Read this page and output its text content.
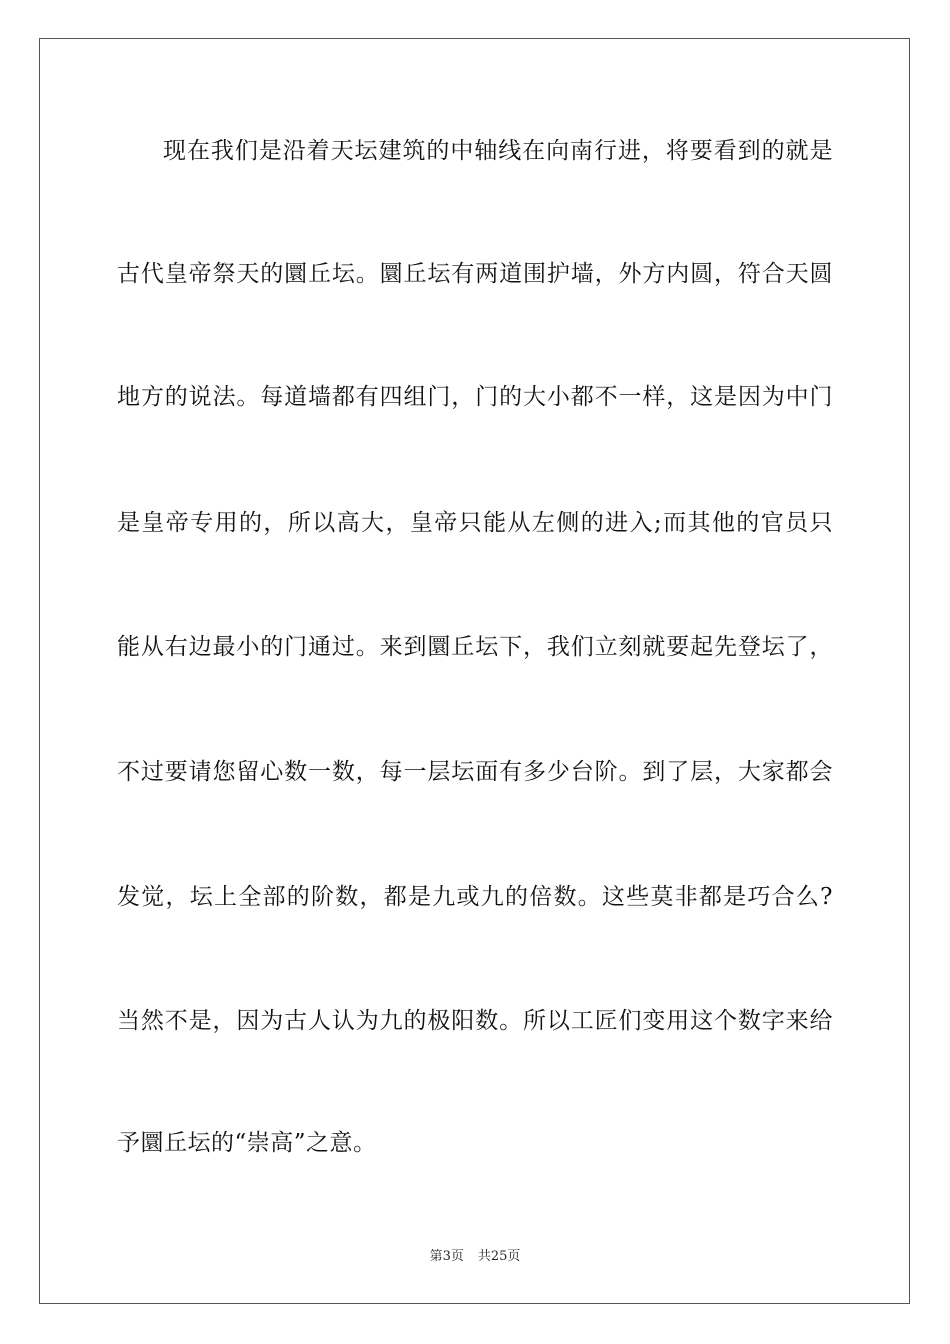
现在我们是沿着天坛建筑的中轴线在向南行进，将要看到的就是
古代皇帝祭天的圜丘坛。圜丘坛有两道围护墙，外方内圆，符合天圆
地方的说法。每道墙都有四组门，门的大小都不一样，这是因为中门
是皇帝专用的，所以高大，皇帝只能从左侧的进入;而其他的官员只
能从右边最小的门通过。来到圜丘坛下，我们立刻就要起先登坛了，
不过要请您留心数一数，每一层坛面有多少台阶。到了层，大家都会
发觉，坛上全部的阶数，都是九或九的倍数。这些莫非都是巧合么?
当然不是，因为古人认为九的极阳数。所以工匠们变用这个数字来给
予圜丘坛的“崇高”之意。
第3页 共25页
